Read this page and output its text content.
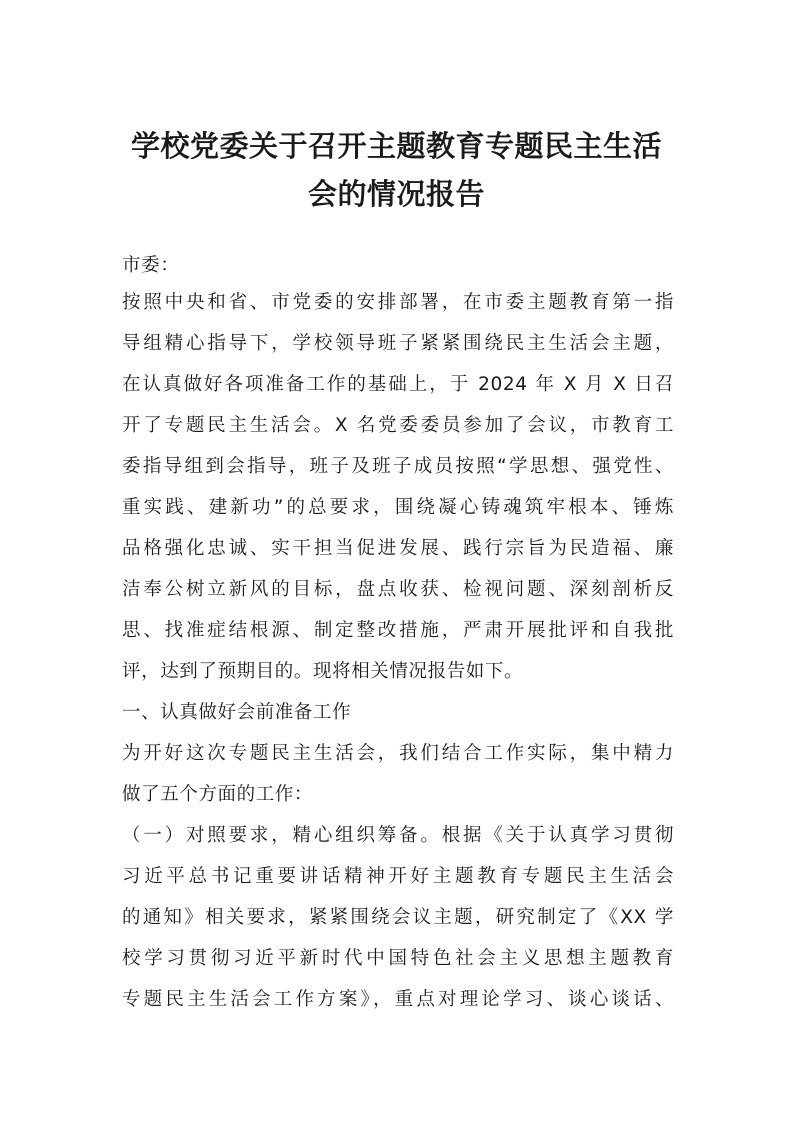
学校党委关于召开主题教育专题民主生活
会的情况报告

市委：

按照中央和省、市党委的安排部署，在市委主题教育第一指

导组精心指导下，学校领导班子紧紧围绕民主生活会主题，

在认真做好各项准备工作的基础上，于 2024 年 X 月 X 日召

开了专题民主生活会。X 名党委委员参加了会议，市教育工

委指导组到会指导，班子及班子成员按照“学思想、强党性、

重实践、建新功”的总要求，围绕凝心铸魂筑牢根本、锤炼

品格强化忠诚、实干担当促进发展、践行宗旨为民造福、廉

洁奉公树立新风的目标，盘点收获、检视问题、深刻剖析反

思、找准症结根源、制定整改措施，严肃开展批评和自我批

评，达到了预期目的。现将相关情况报告如下。

一、认真做好会前准备工作

为开好这次专题民主生活会，我们结合工作实际，集中精力

做了五个方面的工作：

（一）对照要求，精心组织筹备。根据《关于认真学习贯彻

习近平总书记重要讲话精神开好主题教育专题民主生活会

的通知》相关要求，紧紧围绕会议主题，研究制定了《XX 学

校学习贯彻习近平新时代中国特色社会主义思想主题教育

专题民主生活会工作方案》，重点对理论学习、谈心谈话、
